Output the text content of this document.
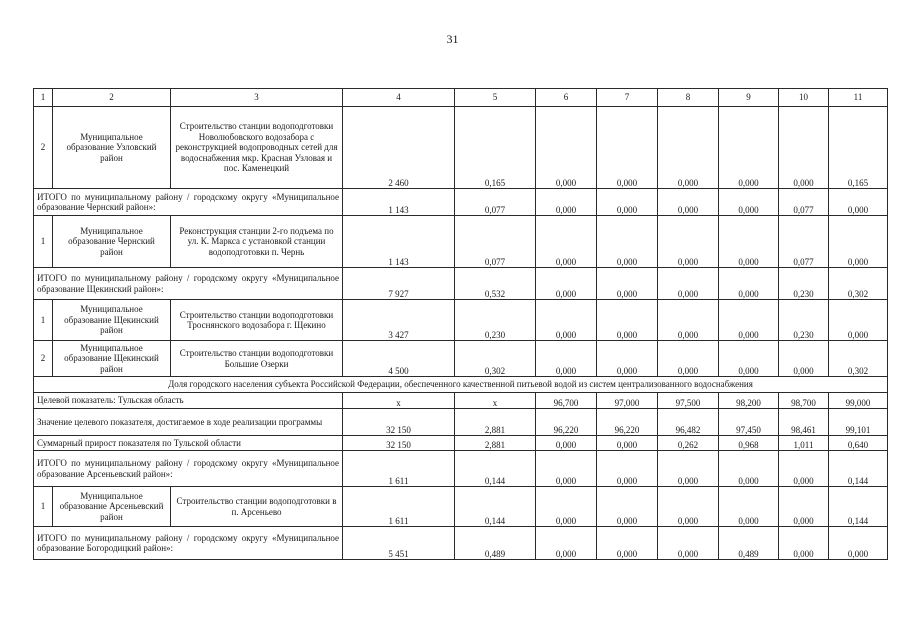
31
1	2	3	4	5	6	7	8	9	10	11
2	Муниципальное образование Узловский район	Строительство станции водоподготовки Новолюбовского водозабора с реконструкцией водопроводных сетей для водоснабжения мкр. Красная Узловая и пос. Каменецкий	2 460	0,165	0,000	0,000	0,000	0,000	0,000	0,165
ИТОГО по муниципальному району / городскому округу «Муниципальное образование Чернский район»:			1 143	0,077	0,000	0,000	0,000	0,000	0,077	0,000
1	Муниципальное образование Чернский район	Реконструкция станции 2-го подъема по ул. К. Маркса с установкой станции водоподготовки п. Чернь	1 143	0,077	0,000	0,000	0,000	0,000	0,077	0,000
ИТОГО по муниципальному району / городскому округу «Муниципальное образование Щекинский район»:			7 927	0,532	0,000	0,000	0,000	0,000	0,230	0,302
1	Муниципальное образование Щекинский район	Строительство станции водоподготовки Троснянского водозабора г. Щекино	3 427	0,230	0,000	0,000	0,000	0,000	0,230	0,000
2	Муниципальное образование Щекинский район	Строительство станции водоподготовки Большие Озерки	4 500	0,302	0,000	0,000	0,000	0,000	0,000	0,302
Доля городского населения субъекта Российской Федерации, обеспеченного качественной питьевой водой из систем централизованного водоснабжения										
Целевой показатель: Тульская область			x	x	96,700	97,000	97,500	98,200	98,700	99,000
Значение целевого показателя, достигаемое в ходе реализации программы			32 150	2,881	96,220	96,220	96,482	97,450	98,461	99,101
Суммарный прирост показателя по Тульской области			32 150	2,881	0,000	0,000	0,262	0,968	1,011	0,640
ИТОГО по муниципальному району / городскому округу «Муниципальное образование Арсеньевский район»:			1 611	0,144	0,000	0,000	0,000	0,000	0,000	0,144
1	Муниципальное образование Арсеньевский район	Строительство станции водоподготовки в п. Арсеньево	1 611	0,144	0,000	0,000	0,000	0,000	0,000	0,144
ИТОГО по муниципальному району / городскому округу «Муниципальное образование Богородицкий район»:			5 451	0,489	0,000	0,000	0,000	0,489	0,000	0,000
